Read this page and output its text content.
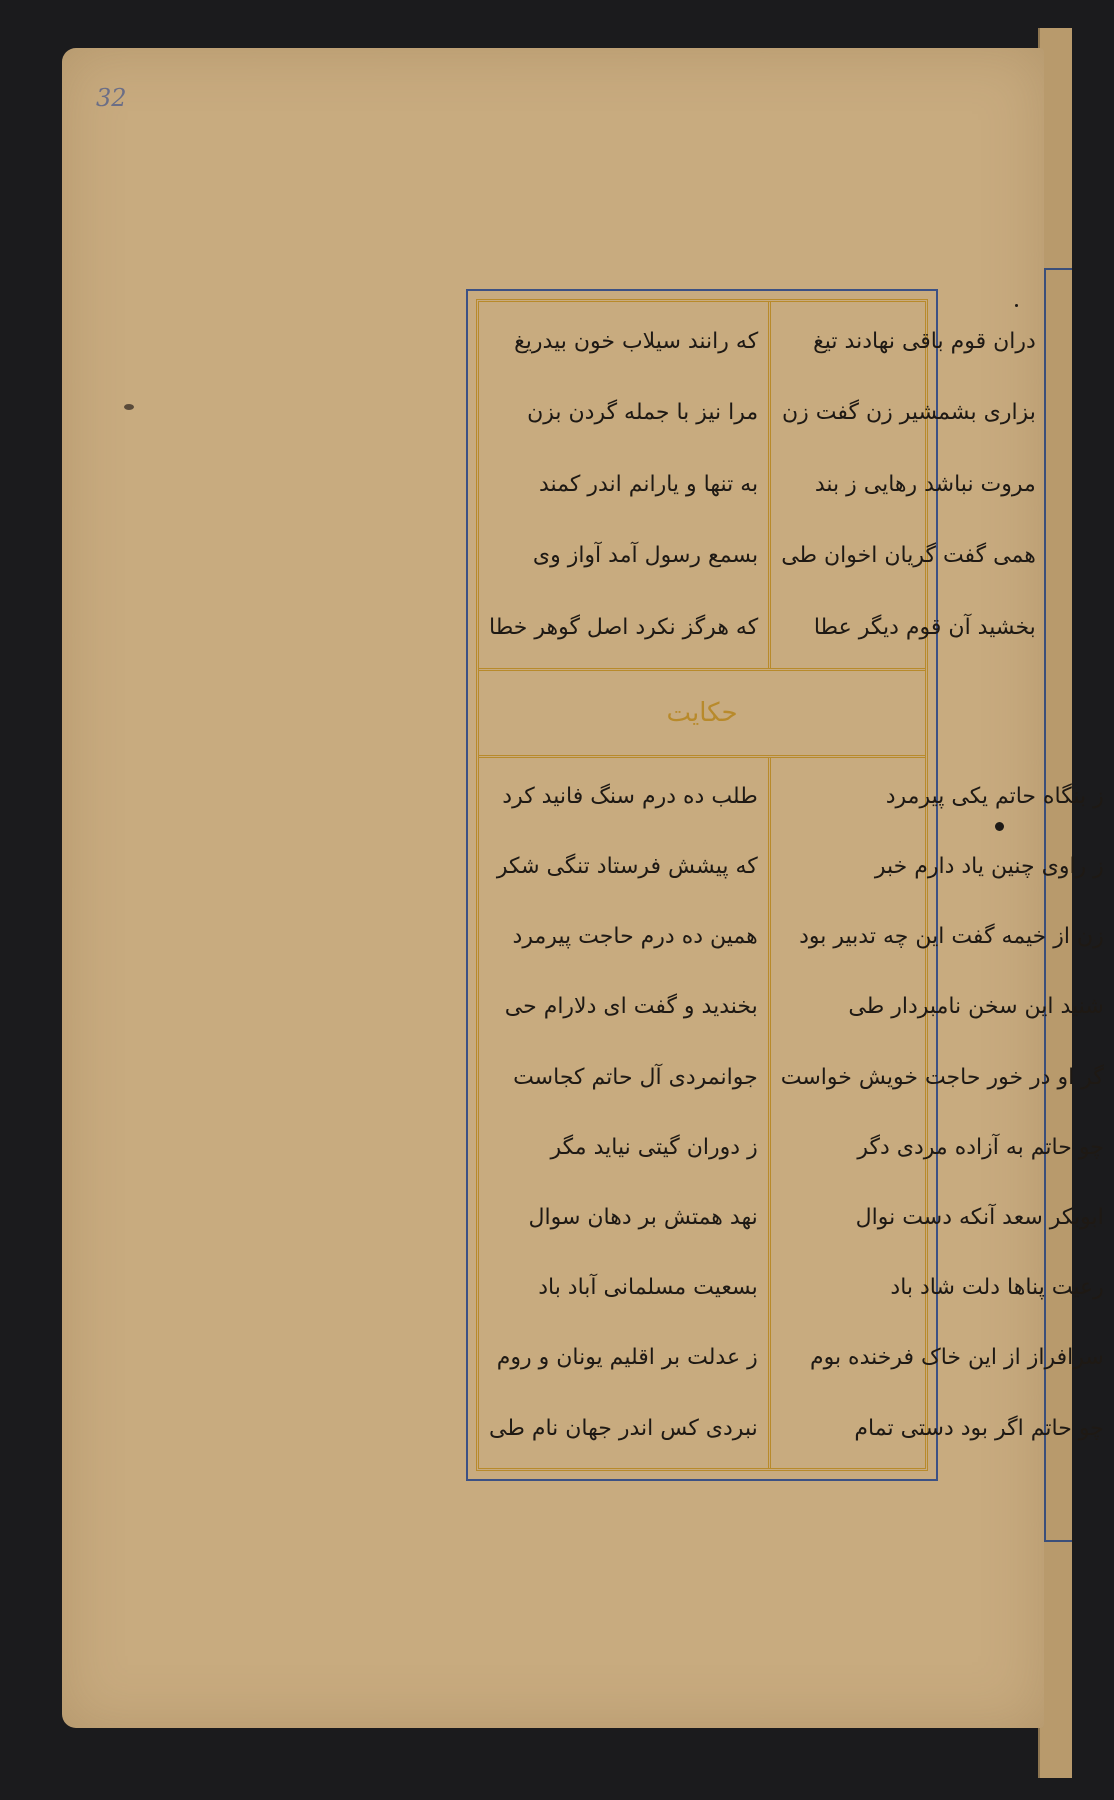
32
که رانند سیلاب خون بیدریغ
مرا نیز با جمله گردن بزن
به تنها و یارانم اندر کمند
بسمع رسول آمد آواز وی
که هرگز نکرد اصل گوهر خطا
دران قوم باقی نهادند تیغ
بزاری بشمشیر زن گفت زن
مروت نباشد رهایی ز بند
همی گفت گریان اخوان طی
بخشید آن قوم دیگر عطا
حکایت
طلب ده درم سنگ فانید کرد
که پیشش فرستاد تنگی شکر
همین ده درم حاجت پیرمرد
بخندید و گفت ای دلارام حی
جوانمردی آل حاتم کجاست
ز دوران گیتی نیاید مگر
نهد همتش بر دهان سوال
بسعیت مسلمانی آباد باد
ز عدلت بر اقلیم یونان و روم
نبردی کس اندر جهان نام طی
ز بنگاه حاتم یکی پیرمرد
ز راوی چنین یاد دارم خبر
زن از خیمه گفت این چه تدبیر بود
شنید این سخن نامبردار طی
گر او در خور حاجت خویش خواست
چو حاتم به آزاده مردی دگر
ابوبکر سعد آنکه دست نوال
رعیت پناها دلت شاد باد
سرافراز از این خاک فرخنده بوم
چو حاتم اگر بود دستی تمام
